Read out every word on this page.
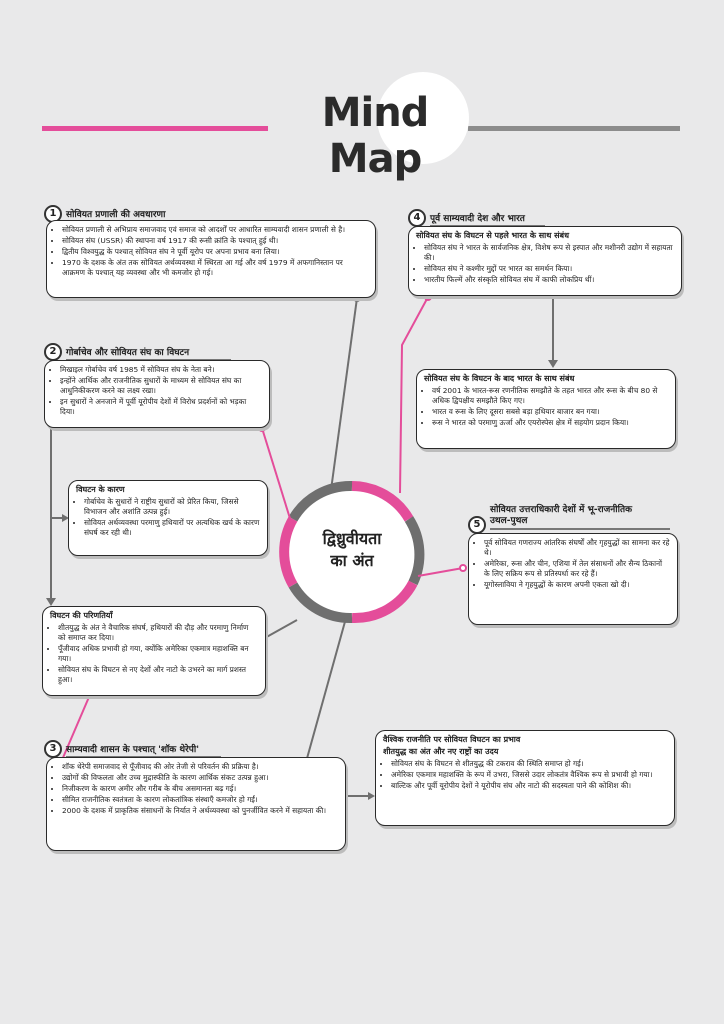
Mind Map
द्विध्रुवीयता
का अंत
1	सोवियत प्रणाली की अवधारणा
• सोवियत प्रणाली से अभिप्राय समाजवाद एवं समाज को आदर्शों पर आधारित साम्यवादी शासन प्रणाली से है।
• सोवियत संघ (USSR) की स्थापना वर्ष 1917 की रूसी क्रांति के पश्चात् हुई थी।
• द्वितीय विश्वयुद्ध के पश्चात् सोवियत संघ ने पूर्वी यूरोप पर अपना प्रभाव बना लिया।
• 1970 के दशक के अंत तक सोवियत अर्थव्यवस्था में स्थिरता आ गई और वर्ष 1979 में अफगानिस्तान पर आक्रमण के पश्चात् यह व्यवस्था और भी कमजोर हो गई।
2	गोर्बाचेव और सोवियत संघ का विघटन
• मिखाइल गोर्बाचेव वर्ष 1985 में सोवियत संघ के नेता बने।
• इन्होंने आर्थिक और राजनीतिक सुधारों के माध्यम से सोवियत संघ का आधुनिकीकरण करने का लक्ष्य रखा।
• इन सुधारों ने अनजाने में पूर्वी यूरोपीय देशों में विरोध प्रदर्शनों को भड़का दिया।
विघटन के कारण
• गोर्बाचेव के सुधारों ने राष्ट्रीय सुधारों को प्रेरित किया, जिससे विभाजन और अशांति उत्पन्न हुई।
• सोवियत अर्थव्यवस्था परमाणु हथियारों पर अत्यधिक खर्च के कारण संघर्ष कर रही थी।
विघटन की परिणतियाँ
• शीतयुद्ध के अंत ने वैचारिक संघर्ष, हथियारों की दौड़ और परमाणु निर्माण को समाप्त कर दिया।
• पूँजीवाद अधिक प्रभावी हो गया, क्योंकि अमेरिका एकमात्र महाशक्ति बन गया।
• सोवियत संघ के विघटन से नए देशों और नाटो के उभरने का मार्ग प्रशस्त हुआ।
3	साम्यवादी शासन के पश्चात् 'शॉक थेरेपी'
• शॉक थेरेपी समाजवाद से पूँजीवाद की ओर तेजी से परिवर्तन की प्रक्रिया है।
• उद्योगों की विफलता और उच्च मुद्रास्फीति के कारण आर्थिक संकट उत्पन्न हुआ।
• निजीकरण के कारण अमीर और गरीब के बीच असमानता बढ़ गई।
• सीमित राजनीतिक स्वतंत्रता के कारण लोकतांत्रिक संस्थाएँ कमजोर हो गईं।
• 2000 के दशक में प्राकृतिक संसाधनों के निर्यात ने अर्थव्यवस्था को पुनर्जीवित करने में सहायता की।
4	पूर्व साम्यवादी देश और भारत
सोवियत संघ के विघटन से पहले भारत के साथ संबंध
• सोवियत संघ ने भारत के सार्वजनिक क्षेत्र, विशेष रूप से इस्पात और मशीनरी उद्योग में सहायता की।
• सोवियत संघ ने कश्मीर मुद्दों पर भारत का समर्थन किया।
• भारतीय फिल्में और संस्कृति सोवियत संघ में काफी लोकप्रिय थीं।
सोवियत संघ के विघटन के बाद भारत के साथ संबंध
• वर्ष 2001 के भारत-रूस रणनीतिक समझौते के तहत भारत और रूस के बीच 80 से अधिक द्विपक्षीय समझौते किए गए।
• भारत व रूस के लिए दूसरा सबसे बड़ा हथियार बाजार बन गया।
• रूस ने भारत को परमाणु ऊर्जा और एयरोस्पेस क्षेत्र में सहयोग प्रदान किया।
5
सोवियत उत्तराधिकारी देशों में भू-राजनीतिक
उथल-पुथल
• पूर्व सोवियत गणराज्य आंतरिक संघर्षों और गृहयुद्धों का सामना कर रहे थे।
• अमेरिका, रूस और चीन, एशिया में तेल संसाधनों और सैन्य ठिकानों के लिए सक्रिय रूप से प्रतिस्पर्धा कर रहे हैं।
• यूगोस्लाविया ने गृहयुद्धों के कारण अपनी एकता खो दी।
वैश्विक राजनीति पर सोवियत विघटन का प्रभाव
शीतयुद्ध का अंत और नए राष्ट्रों का उदय
• सोवियत संघ के विघटन से शीतयुद्ध की टकराव की स्थिति समाप्त हो गई।
• अमेरिका एकमात्र महाशक्ति के रूप में उभरा, जिससे उदार लोकतंत्र वैश्विक रूप से प्रभावी हो गया।
• बाल्टिक और पूर्वी यूरोपीय देशों ने यूरोपीय संघ और नाटो की सदस्यता पाने की कोशिश की।
